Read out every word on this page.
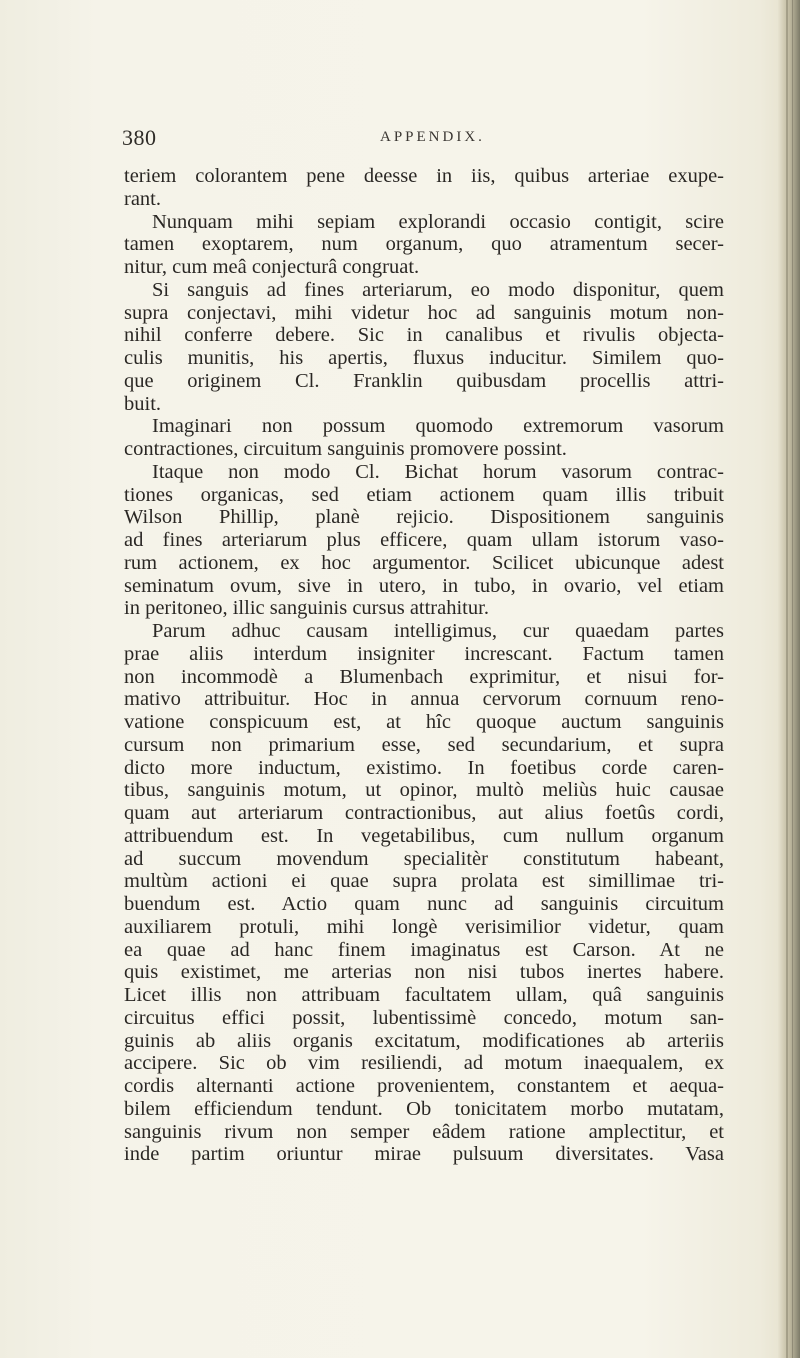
380	APPENDIX.
teriem colorantem pene deesse in iis, quibus arteriae exupe-
rant.
Nunquam mihi sepiam explorandi occasio contigit, scire
tamen exoptarem, num organum, quo atramentum secer-
nitur, cum meâ conjecturâ congruat.
Si sanguis ad fines arteriarum, eo modo disponitur, quem
supra conjectavi, mihi videtur hoc ad sanguinis motum non-
nihil conferre debere. Sic in canalibus et rivulis objecta-
culis munitis, his apertis, fluxus inducitur. Similem quo-
que originem Cl. Franklin quibusdam procellis attri-
buit.
Imaginari non possum quomodo extremorum vasorum
contractiones, circuitum sanguinis promovere possint.
Itaque non modo Cl. Bichat horum vasorum contrac-
tiones organicas, sed etiam actionem quam illis tribuit
Wilson Phillip, planè rejicio. Dispositionem sanguinis
ad fines arteriarum plus efficere, quam ullam istorum vaso-
rum actionem, ex hoc argumentor. Scilicet ubicunque adest
seminatum ovum, sive in utero, in tubo, in ovario, vel etiam
in peritoneo, illic sanguinis cursus attrahitur.
Parum adhuc causam intelligimus, cur quaedam partes
prae aliis interdum insigniter increscant. Factum tamen
non incommodè a Blumenbach exprimitur, et nisui for-
mativo attribuitur. Hoc in annua cervorum cornuum reno-
vatione conspicuum est, at hîc quoque auctum sanguinis
cursum non primarium esse, sed secundarium, et supra
dicto more inductum, existimo. In foetibus corde caren-
tibus, sanguinis motum, ut opinor, multò meliùs huic causae
quam aut arteriarum contractionibus, aut alius foetûs cordi,
attribuendum est. In vegetabilibus, cum nullum organum
ad succum movendum specialitèr constitutum habeant,
multùm actioni ei quae supra prolata est simillimae tri-
buendum est. Actio quam nunc ad sanguinis circuitum
auxiliarem protuli, mihi longè verisimilior videtur, quam
ea quae ad hanc finem imaginatus est Carson. At ne
quis existimet, me arterias non nisi tubos inertes habere.
Licet illis non attribuam facultatem ullam, quâ sanguinis
circuitus effici possit, lubentissimè concedo, motum san-
guinis ab aliis organis excitatum, modificationes ab arteriis
accipere. Sic ob vim resiliendi, ad motum inaequalem, ex
cordis alternanti actione provenientem, constantem et aequa-
bilem efficiendum tendunt. Ob tonicitatem morbo mutatam,
sanguinis rivum non semper eâdem ratione amplectitur, et
inde partim oriuntur mirae pulsuum diversitates. Vasa
